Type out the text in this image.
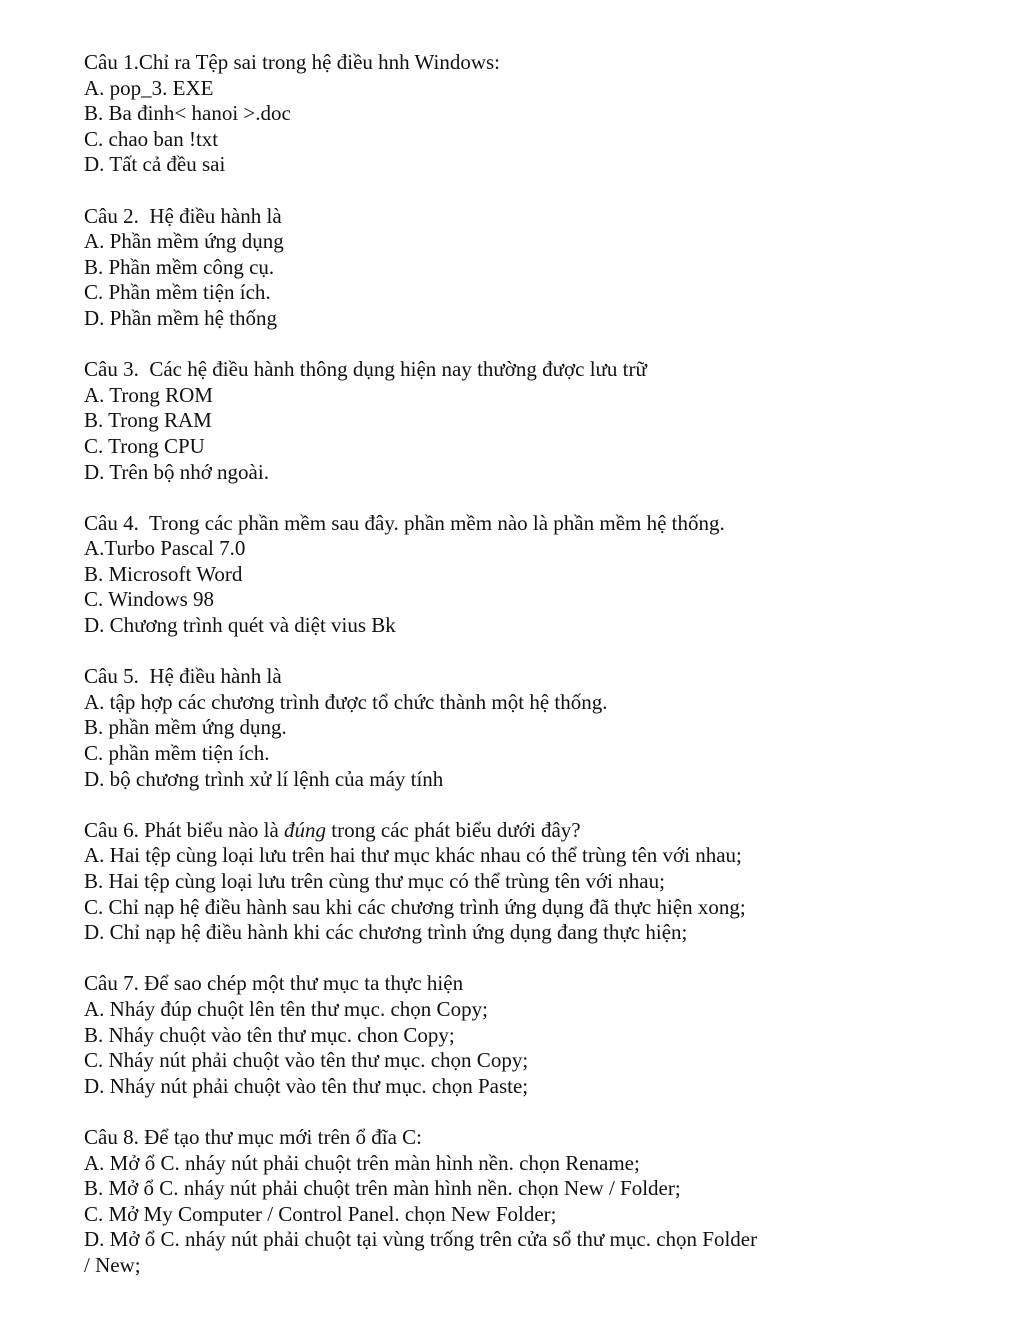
Câu 1.Chỉ ra Tệp sai trong hệ điều hnh Windows:
A. pop_3. EXE
B. Ba đinh< hanoi >.doc
C. chao ban !txt
D. Tất cả đều sai
Câu 2.  Hệ điều hành là
A. Phần mềm ứng dụng
B. Phần mềm công cụ.
C. Phần mềm tiện ích.
D. Phần mềm hệ thống
Câu 3.  Các hệ điều hành thông dụng hiện nay thường được lưu trữ
A. Trong ROM
B. Trong RAM
C. Trong CPU
D. Trên bộ nhớ ngoài.
Câu 4.  Trong các phần mềm sau đây. phần mềm nào là phần mềm hệ thống.
A.Turbo Pascal 7.0
B. Microsoft Word
C. Windows 98
D. Chương trình quét và diệt vius Bk
Câu 5.  Hệ điều hành là
A. tập hợp các chương trình được tổ chức thành một hệ thống.
B. phần mềm ứng dụng.
C. phần mềm tiện ích.
D. bộ chương trình xử lí lệnh của máy tính
Câu 6. Phát biểu nào là đúng trong các phát biểu dưới đây?
A. Hai tệp cùng loại lưu trên hai thư mục khác nhau có thể trùng tên với nhau;
B. Hai tệp cùng loại lưu trên cùng thư mục có thể trùng tên với nhau;
C. Chỉ nạp hệ điều hành sau khi các chương trình ứng dụng đã thực hiện xong;
D. Chỉ nạp hệ điều hành khi các chương trình ứng dụng đang thực hiện;
Câu 7. Để sao chép một thư mục ta thực hiện
A. Nháy đúp chuột lên tên thư mục. chọn Copy;
B. Nháy chuột vào tên thư mục. chon Copy;
C. Nháy nút phải chuột vào tên thư mục. chọn Copy;
D. Nháy nút phải chuột vào tên thư mục. chọn Paste;
Câu 8. Để tạo thư mục mới trên ổ đĩa C:
A. Mở ổ C. nháy nút phải chuột trên màn hình nền. chọn Rename;
B. Mở ổ C. nháy nút phải chuột trên màn hình nền. chọn New / Folder;
C. Mở My Computer / Control Panel. chọn New Folder;
D. Mở ổ C. nháy nút phải chuột tại vùng trống trên cửa sổ thư mục. chọn Folder
/ New;
